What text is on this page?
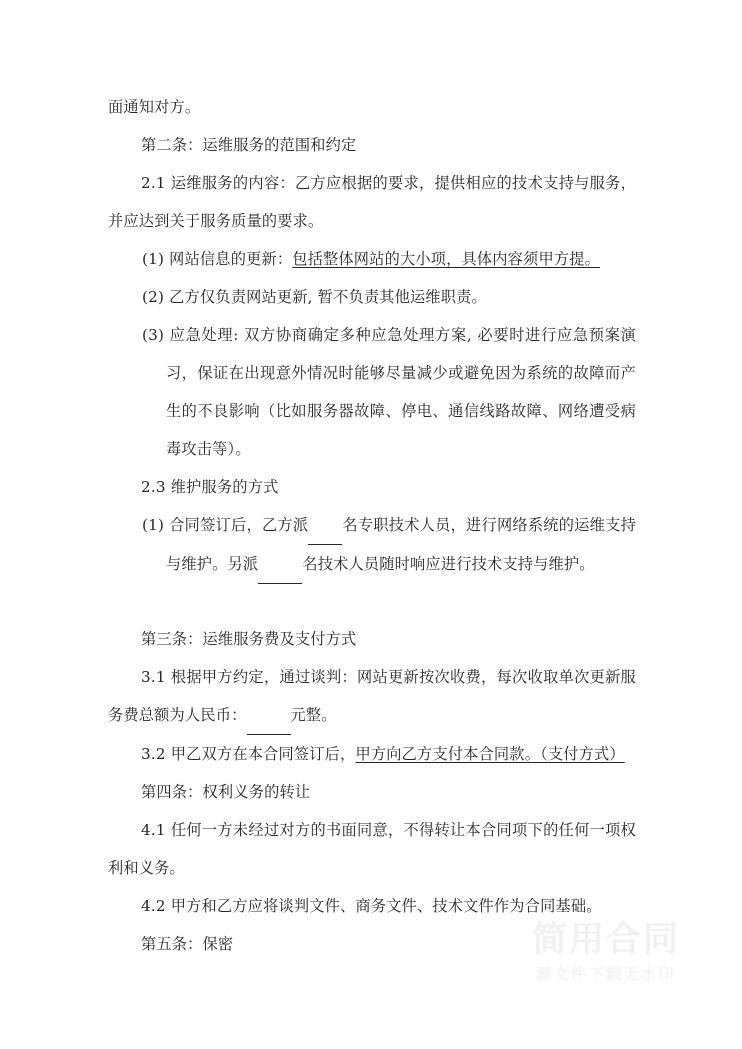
面通知对方。

第二条：运维服务的范围和约定

2.1 运维服务的内容：乙方应根据的要求，提供相应的技术支持与服务，并应达到关于服务质量的要求。

(1) 网站信息的更新：包括整体网站的大小项，具体内容须甲方提。

(2) 乙方仅负责网站更新, 暂不负责其他运维职责。

(3) 应急处理: 双方协商确定多种应急处理方案, 必要时进行应急预案演习，保证在出现意外情况时能够尽量减少或避免因为系统的故障而产生的不良影响（比如服务器故障、停电、通信线路故障、网络遭受病毒攻击等）。

2.3 维护服务的方式

(1) 合同签订后，乙方派 名专职技术人员，进行网络系统的运维支持与维护。另派	名技术人员随时响应进行技术支持与维护。

第三条：运维服务费及支付方式

3.1 根据甲方约定，通过谈判：网站更新按次收费，每次收取单次更新服务费总额为人民币：	元整。

3.2 甲乙双方在本合同签订后，甲方向乙方支付本合同款。（支付方式）

第四条：权利义务的转让

4.1 任何一方未经过对方的书面同意，不得转让本合同项下的任何一项权利和义务。

4.2 甲方和乙方应将谈判文件、商务文件、技术文件作为合同基础。

第五条：保密	简用合同
源文件下载无水印
